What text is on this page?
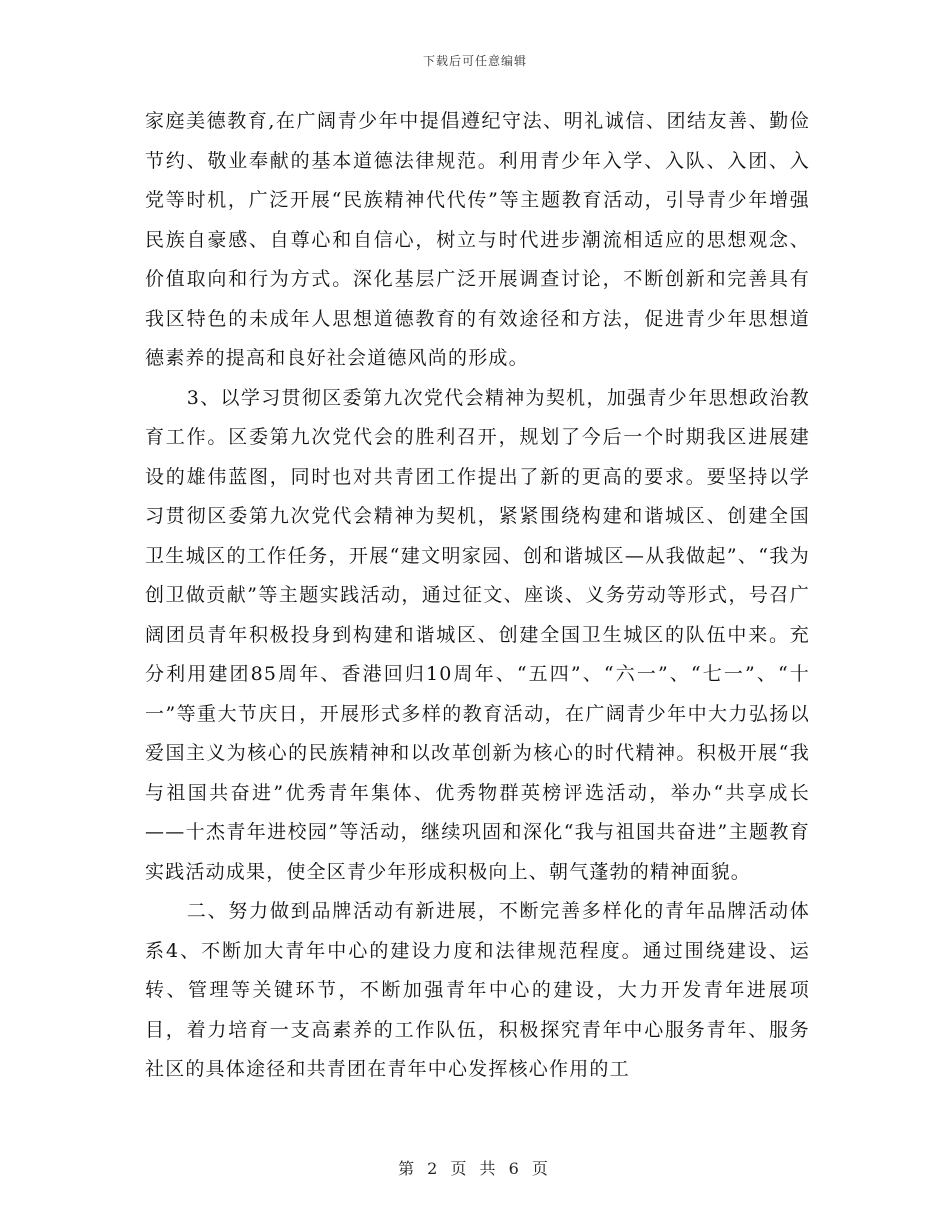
下载后可任意编辑

家庭美德教育,在广阔青少年中提倡遵纪守法、明礼诚信、团结友善、勤俭节约、敬业奉献的基本道德法律规范。利用青少年入学、入队、入团、入党等时机，广泛开展“民族精神代代传”等主题教育活动，引导青少年增强民族自豪感、自尊心和自信心，树立与时代进步潮流相适应的思想观念、价值取向和行为方式。深化基层广泛开展调查讨论，不断创新和完善具有我区特色的未成年人思想道德教育的有效途径和方法，促进青少年思想道德素养的提高和良好社会道德风尚的形成。

3、以学习贯彻区委第九次党代会精神为契机，加强青少年思想政治教育工作。区委第九次党代会的胜利召开，规划了今后一个时期我区进展建设的雄伟蓝图，同时也对共青团工作提出了新的更高的要求。要坚持以学习贯彻区委第九次党代会精神为契机，紧紧围绕构建和谐城区、创建全国卫生城区的工作任务，开展“建文明家园、创和谐城区—从我做起”、“我为创卫做贡献”等主题实践活动，通过征文、座谈、义务劳动等形式，号召广阔团员青年积极投身到构建和谐城区、创建全国卫生城区的队伍中来。充分利用建团85周年、香港回归10周年、“五四”、“六一”、“七一”、“十一”等重大节庆日，开展形式多样的教育活动，在广阔青少年中大力弘扬以爱国主义为核心的民族精神和以改革创新为核心的时代精神。积极开展“我与祖国共奋进”优秀青年集体、优秀物群英榜评选活动，举办“共享成长——十杰青年进校园”等活动，继续巩固和深化“我与祖国共奋进”主题教育实践活动成果，使全区青少年形成积极向上、朝气蓬勃的精神面貌。

二、努力做到品牌活动有新进展，不断完善多样化的青年品牌活动体系4、不断加大青年中心的建设力度和法律规范程度。通过围绕建设、运转、管理等关键环节，不断加强青年中心的建设，大力开发青年进展项目，着力培育一支高素养的工作队伍，积极探究青年中心服务青年、服务社区的具体途径和共青团在青年中心发挥核心作用的工

第 2 页 共 6 页
